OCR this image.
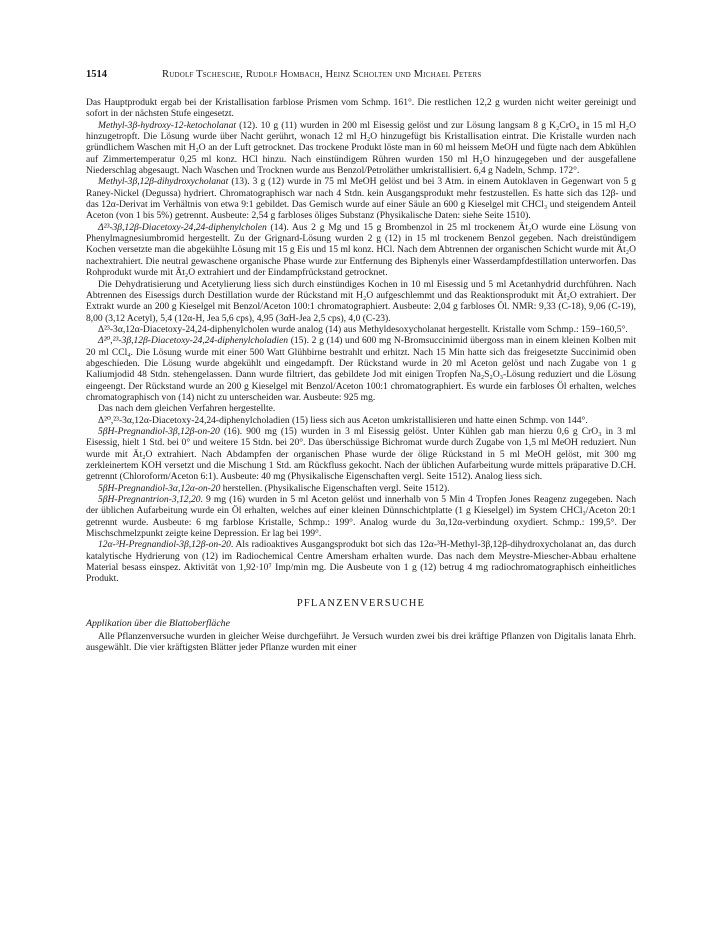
1514	Rudolf Tschesche, Rudolf Hombach, Heinz Scholten und Michael Peters

Das Hauptprodukt ergab bei der Kristallisation farblose Prismen vom Schmp. 161°. Die restlichen 12,2 g wurden nicht weiter gereinigt und sofort in der nächsten Stufe eingesetzt.

Methyl-3β-hydroxy-12-ketocholanat (12). 10 g (11) wurden in 200 ml Eisessig gelöst und zur Lösung langsam 8 g K₂CrO₄ in 15 ml H₂O hinzugetropft. Die Lösung wurde über Nacht gerührt, wonach 12 ml H₂O hinzugefügt bis Kristallisation eintrat. Die Kristalle wurden nach gründlichem Waschen mit H₂O an der Luft getrocknet. Das trockene Produkt löste man in 60 ml heissem MeOH und fügte nach dem Abkühlen auf Zimmertemperatur 0,25 ml konz. HCl hinzu. Nach einstündigem Rühren wurden 150 ml H₂O hinzugegeben und der ausgefallene Niederschlag abgesaugt. Nach Waschen und Trocknen wurde aus Benzol/Petroläther umkristallisiert. 6,4 g Nadeln, Schmp. 172°.

Methyl-3β,12β-dihydroxycholanat (13). 3 g (12) wurde in 75 ml MeOH gelöst und bei 3 Atm. in einem Autoklaven in Gegenwart von 5 g Raney-Nickel (Degussa) hydriert. Chromatographisch war nach 4 Stdn. kein Ausgangsprodukt mehr festzustellen. Es hatte sich das 12β- und das 12α-Derivat im Verhältnis von etwa 9:1 gebildet. Das Gemisch wurde auf einer Säule an 600 g Kieselgel mit CHCl₃ und steigendem Anteil Aceton (von 1 bis 5%) getrennt. Ausbeute: 2,54 g farbloses öliges Substanz (Physikalische Daten: siehe Seite 1510).

Δ²³-3β,12β-Diacetoxy-24,24-diphenylcholen (14). Aus 2 g Mg und 15 g Brombenzol in 25 ml trockenem Ät₂O wurde eine Lösung von Phenylmagnesiumbromid hergestellt. Zu der Grignard-Lösung wurden 2 g (12) in 15 ml trockenem Benzol gegeben. Nach dreistündigem Kochen versetzte man die abgekühlte Lösung mit 15 g Eis und 15 ml konz. HCl. Nach dem Abtrennen der organischen Schicht wurde mit Ät₂O nachextrahiert. Die neutral gewaschene organische Phase wurde zur Entfernung des Biphenyls einer Wasserdampfdestillation unterworfen. Das Rohprodukt wurde mit Ät₂O extrahiert und der Eindampfrückstand getrocknet.

Die Dehydratisierung und Acetylierung liess sich durch einstündiges Kochen in 10 ml Eisessig und 5 ml Acetanhydrid durchführen. Nach Abtrennen des Eisessigs durch Destillation wurde der Rückstand mit H₂O aufgeschlemmt und das Reaktionsprodukt mit Ät₂O extrahiert. Der Extrakt wurde an 200 g Kieselgel mit Benzol/Aceton 100:1 chromatographiert. Ausbeute: 2,04 g farbloses Öl. NMR: 9,33 (C-18), 9,06 (C-19), 8,00 (3,12 Acetyl), 5,4 (12α-H, Jea 5,6 cps), 4,95 (3αH-Jea 2,5 cps), 4,0 (C-23).

Δ²³-3α,12α-Diacetoxy-24,24-diphenylcholen wurde analog (14) aus Methyldesoxycholanat hergestellt. Kristalle vom Schmp.: 159–160,5°.

Δ²⁰,²³-3β,12β-Diacetoxy-24,24-diphenylcholadien (15). 2 g (14) und 600 mg N-Bromsuccinimid übergoss man in einem kleinen Kolben mit 20 ml CCl₄. Die Lösung wurde mit einer 500 Watt Glühbirne bestrahlt und erhitzt. Nach 15 Min hatte sich das freigesetzte Succinimid oben abgeschieden. Die Lösung wurde abgekühlt und eingedampft. Der Rückstand wurde in 20 ml Aceton gelöst und nach Zugabe von 1 g Kaliumjodid 48 Stdn. stehengelassen. Dann wurde filtriert, das gebildete Jod mit einigen Tropfen Na₂S₂O₃-Lösung reduziert und die Lösung eingeengt. Der Rückstand wurde an 200 g Kieselgel mit Benzol/Aceton 100:1 chromatographiert. Es wurde ein farbloses Öl erhalten, welches chromatographisch von (14) nicht zu unterscheiden war. Ausbeute: 925 mg.

Das nach dem gleichen Verfahren hergestellte.

Δ²⁰,²³-3α,12α-Diacetoxy-24,24-diphenylcholadien (15) liess sich aus Aceton umkristallisieren und hatte einen Schmp. von 144°.

5βH-Pregnandiol-3β,12β-on-20 (16). 900 mg (15) wurden in 3 ml Eisessig gelöst. Unter Kühlen gab man hierzu 0,6 g CrO₃ in 3 ml Eisessig, hielt 1 Std. bei 0° und weitere 15 Stdn. bei 20°. Das überschüssige Bichromat wurde durch Zugabe von 1,5 ml MeOH reduziert. Nun wurde mit Ät₂O extrahiert. Nach Abdampfen der organischen Phase wurde der ölige Rückstand in 5 ml MeOH gelöst, mit 300 mg zerkleinertem KOH versetzt und die Mischung 1 Std. am Rückfluss gekocht. Nach der üblichen Aufarbeitung wurde mittels präparative D.CH. getrennt (Chloroform/Aceton 6:1). Ausbeute: 40 mg (Physikalische Eigenschaften vergl. Seite 1512). Analog liess sich.

5βH-Pregnandiol-3α,12α-on-20 herstellen. (Physikalische Eigenschaften vergl. Seite 1512).

5βH-Pregnantrion-3,12,20. 9 mg (16) wurden in 5 ml Aceton gelöst und innerhalb von 5 Min 4 Tropfen Jones Reagenz zugegeben. Nach der üblichen Aufarbeitung wurde ein Öl erhalten, welches auf einer kleinen Dünnschichtplatte (1 g Kieselgel) im System CHCl₃/Aceton 20:1 getrennt wurde. Ausbeute: 6 mg farblose Kristalle, Schmp.: 199°. Analog wurde du 3α,12α-verbindung oxydiert. Schmp.: 199,5°. Der Mischschmelzpunkt zeigte keine Depression. Er lag bei 199°.

12α-³H-Pregnandiol-3β,12β-on-20. Als radioaktives Ausgangsprodukt bot sich das 12α-³H-Methyl-3β,12β-dihydroxycholanat an, das durch katalytische Hydrierung von (12) im Radiochemical Centre Amersham erhalten wurde. Das nach dem Meystre-Miescher-Abbau erhaltene Material besass einspez. Aktivität von 1,92·10⁷ Imp/min mg. Die Ausbeute von 1 g (12) betrug 4 mg radiochromatographisch einheitliches Produkt.

PFLANZENVERSUCHE
Applikation über die Blattoberfläche

Alle Pflanzenversuche wurden in gleicher Weise durchgeführt. Je Versuch wurden zwei bis drei kräftige Pflanzen von Digitalis lanata Ehrh. ausgewählt. Die vier kräftigsten Blätter jeder Pflanze wurden mit einer
